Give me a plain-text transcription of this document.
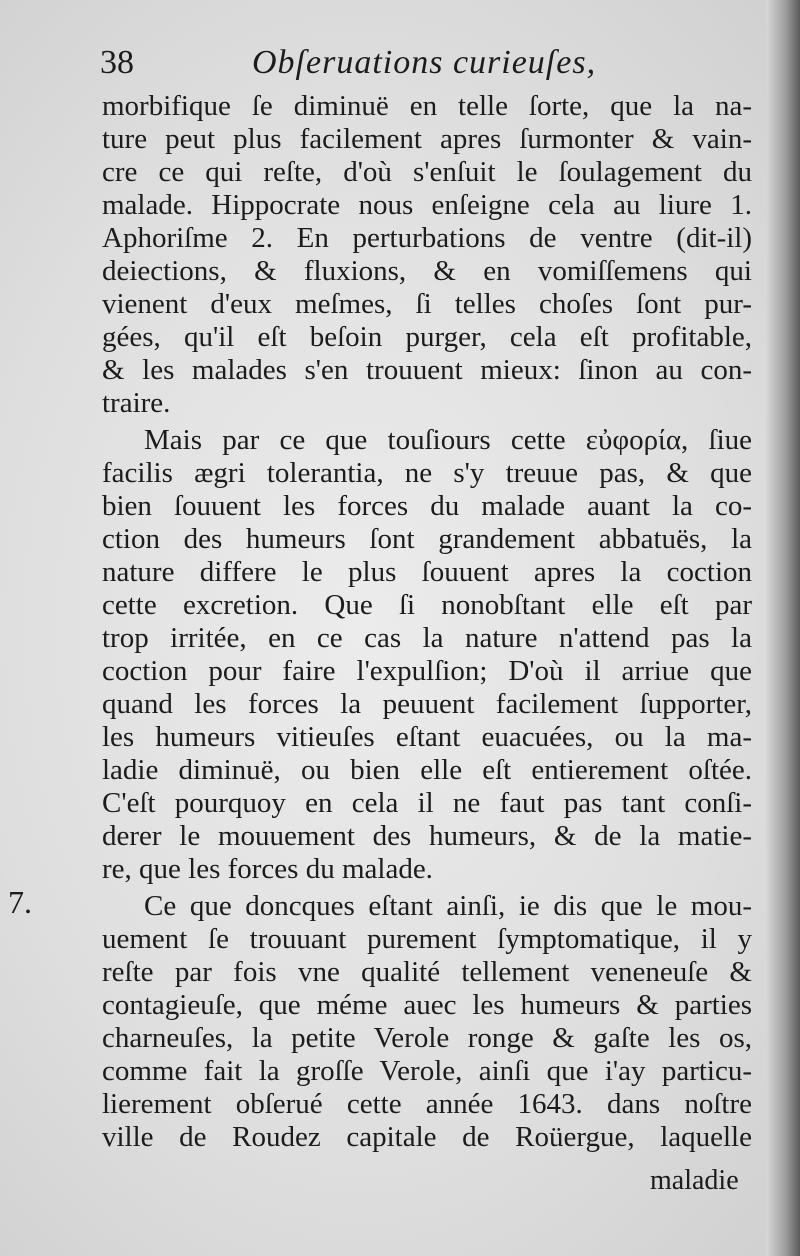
38	Obſeruations curieuſes,
7.
morbifique ſe diminuë en telle ſorte, que la na-
ture peut plus facilement apres ſurmonter & vain-
cre ce qui reſte, d'où s'enſuit le ſoulagement du
malade. Hippocrate nous enſeigne cela au liure 1.
Aphoriſme 2. En perturbations de ventre (dit-il)
deiections, & fluxions, & en vomiſſemens qui
vienent d'eux meſmes, ſi telles choſes ſont pur-
gées, qu'il eſt beſoin purger, cela eſt profitable,
& les malades s'en trouuent mieux: ſinon au con-
traire.
Mais par ce que touſiours cette εὐφορία, ſiue
facilis ægri tolerantia, ne s'y treuue pas, & que
bien ſouuent les forces du malade auant la co-
ction des humeurs ſont grandement abbatuës, la
nature differe le plus ſouuent apres la coction
cette excretion. Que ſi nonobſtant elle eſt par
trop irritée, en ce cas la nature n'attend pas la
coction pour faire l'expulſion; D'où il arriue que
quand les forces la peuuent facilement ſupporter,
les humeurs vitieuſes eſtant euacuées, ou la ma-
ladie diminuë, ou bien elle eſt entierement oſtée.
C'eſt pourquoy en cela il ne faut pas tant conſi-
derer le mouuement des humeurs, & de la matie-
re, que les forces du malade.
Ce que doncques eſtant ainſi, ie dis que le mou-
uement ſe trouuant purement ſymptomatique, il y
reſte par fois vne qualité tellement veneneuſe &
contagieuſe, que méme auec les humeurs & parties
charneuſes, la petite Verole ronge & gaſte les os,
comme fait la groſſe Verole, ainſi que i'ay particu-
lierement obſerué cette année 1643. dans noſtre
ville de Roudez capitale de Roüergue, laquelle
maladie
